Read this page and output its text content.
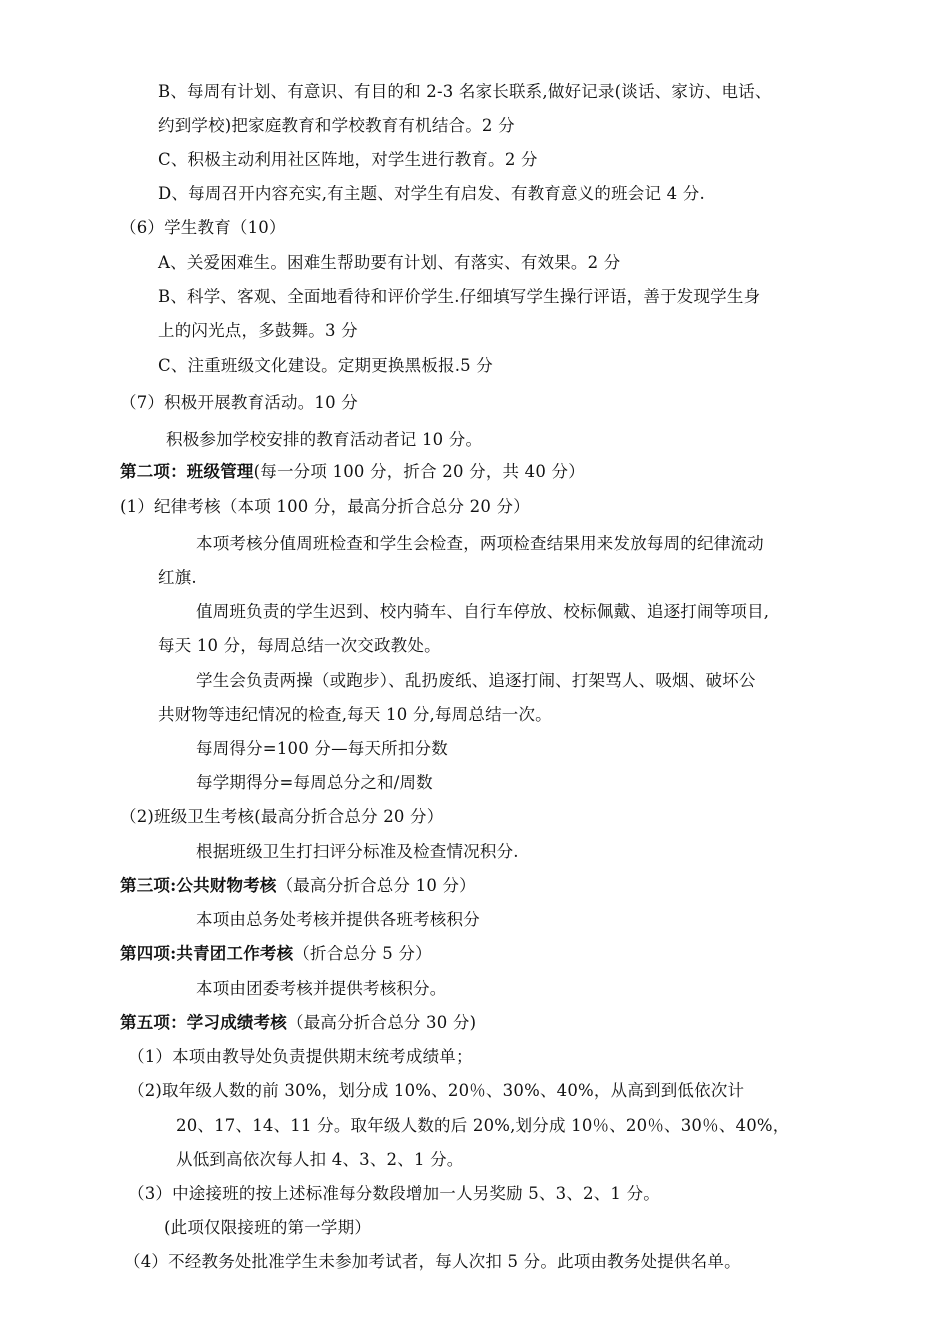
B、每周有计划、有意识、有目的和 2-3 名家长联系,做好记录(谈话、家访、电话、
约到学校)把家庭教育和学校教育有机结合。2 分
C、积极主动利用社区阵地，对学生进行教育。2 分
D、每周召开内容充实,有主题、对学生有启发、有教育意义的班会记 4 分.
（6）学生教育（10）
A、关爱困难生。困难生帮助要有计划、有落实、有效果。2 分
B、科学、客观、全面地看待和评价学生.仔细填写学生操行评语，善于发现学生身
上的闪光点，多鼓舞。3 分
C、注重班级文化建设。定期更换黑板报.5 分
（7）积极开展教育活动。10 分
积极参加学校安排的教育活动者记 10 分。
第二项：班级管理(每一分项 100 分，折合 20 分，共 40 分）
(1）纪律考核（本项 100 分，最高分折合总分 20 分）
本项考核分值周班检查和学生会检查，两项检查结果用来发放每周的纪律流动
红旗.
值周班负责的学生迟到、校内骑车、自行车停放、校标佩戴、追逐打闹等项目,
每天 10 分，每周总结一次交政教处。
学生会负责两操（或跑步）、乱扔废纸、追逐打闹、打架骂人、吸烟、破坏公
共财物等违纪情况的检查,每天 10 分,每周总结一次。
每周得分=100 分—每天所扣分数
每学期得分=每周总分之和/周数
（2)班级卫生考核(最高分折合总分 20 分）
根据班级卫生打扫评分标准及检查情况积分.
第三项:公共财物考核（最高分折合总分 10 分）
本项由总务处考核并提供各班考核积分
第四项:共青团工作考核（折合总分 5 分）
本项由团委考核并提供考核积分。
第五项：学习成绩考核（最高分折合总分 30 分)
（1）本项由教导处负责提供期末统考成绩单；
（2)取年级人数的前 30%，划分成 10%、20％、30%、40%，从高到到低依次计
20、17、14、11 分。取年级人数的后 20%,划分成 10％、20％、30％、40%，
从低到高依次每人扣 4、3、2、1 分。
（3）中途接班的按上述标准每分数段增加一人另奖励 5、3、2、1 分。
(此项仅限接班的第一学期）
（4）不经教务处批准学生未参加考试者，每人次扣 5 分。此项由教务处提供名单。
